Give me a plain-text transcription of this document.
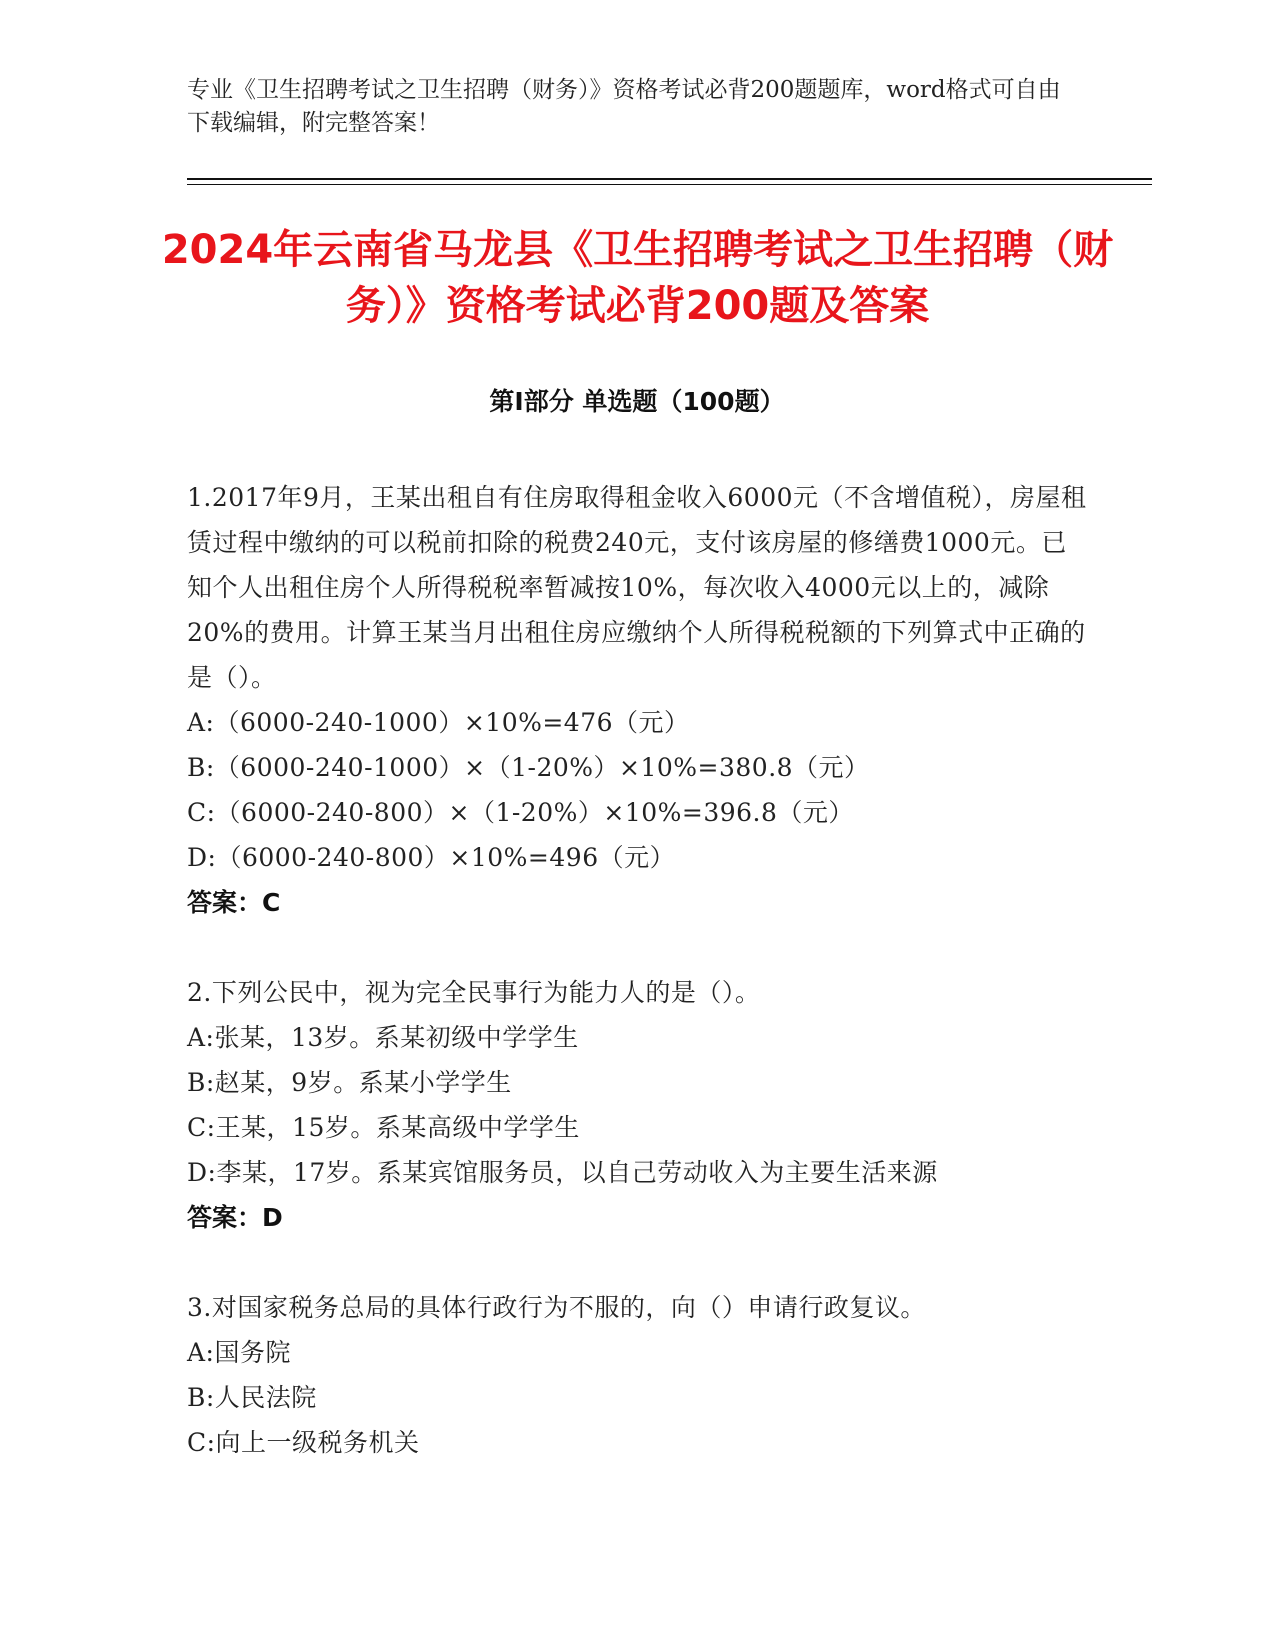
专业《卫生招聘考试之卫生招聘（财务）》资格考试必背200题题库，word格式可自由下载编辑，附完整答案！

2024年云南省马龙县《卫生招聘考试之卫生招聘（财务）》资格考试必背200题及答案
第I部分 单选题（100题）

1.2017年9月，王某出租自有住房取得租金收入6000元（不含增值税），房屋租赁过程中缴纳的可以税前扣除的税费240元，支付该房屋的修缮费1000元。已知个人出租住房个人所得税税率暂减按10%，每次收入4000元以上的，减除20%的费用。计算王某当月出租住房应缴纳个人所得税税额的下列算式中正确的是（）。

A:（6000-240-1000）×10%=476（元）

B:（6000-240-1000）×（1-20%）×10%=380.8（元）

C:（6000-240-800）×（1-20%）×10%=396.8（元）

D:（6000-240-800）×10%=496（元）

答案：C

2.下列公民中，视为完全民事行为能力人的是（）。

A:张某，13岁。系某初级中学学生

B:赵某，9岁。系某小学学生

C:王某，15岁。系某高级中学学生

D:李某，17岁。系某宾馆服务员，以自己劳动收入为主要生活来源

答案：D

3.对国家税务总局的具体行政行为不服的，向（）申请行政复议。

A:国务院

B:人民法院

C:向上一级税务机关
